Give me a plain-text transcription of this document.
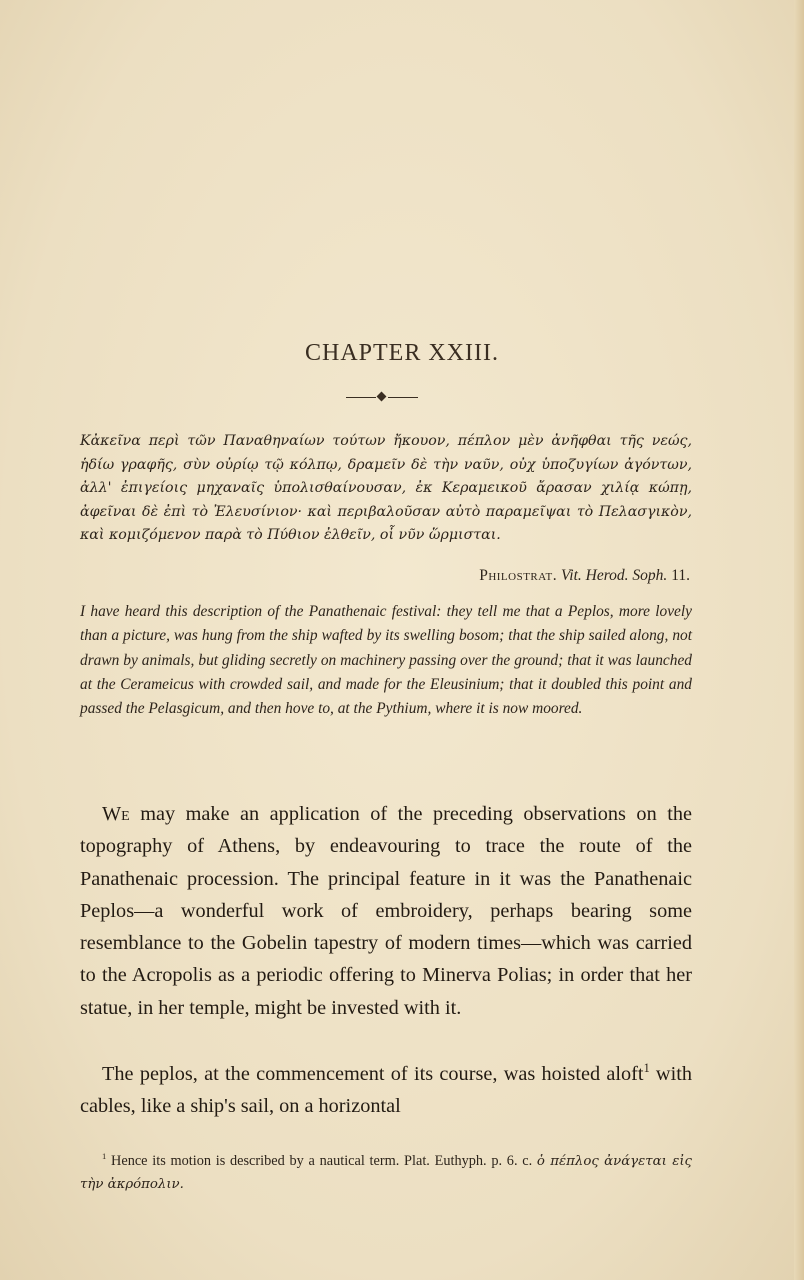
CHAPTER XXIII.
Κἀκεῖνα περὶ τῶν Παναθηναίων τούτων ἤκουον, πέπλον μὲν ἀνῆφθαι τῆς νεώς, ἡδίω γραφῆς, σὺν οὐρίῳ τῷ κόλπῳ, δραμεῖν δὲ τὴν ναῦν, οὐχ ὑποζυγίων ἀγόντων, ἀλλ' ἐπιγείοις μηχαναῖς ὑπολισθαίνουσαν, ἐκ Κεραμεικοῦ ἄρασαν χιλίᾳ κώπῃ, ἀφεῖναι δὲ ἐπὶ τὸ Ἐλευσίνιον· καὶ περιβαλοῦσαν αὐτὸ παραμεῖψαι τὸ Πελασγικὸν, καὶ κομιζόμενον παρὰ τὸ Πύθιον ἐλθεῖν, οἷ νῦν ὥρμισται.
Philostrat. Vit. Herod. Soph. 11.
I have heard this description of the Panathenaic festival: they tell me that a Peplos, more lovely than a picture, was hung from the ship wafted by its swelling bosom; that the ship sailed along, not drawn by animals, but gliding secretly on machinery passing over the ground; that it was launched at the Cerameicus with crowded sail, and made for the Eleusinium; that it doubled this point and passed the Pelasgicum, and then hove to, at the Pythium, where it is now moored.

We may make an application of the preceding observations on the topography of Athens, by endeavouring to trace the route of the Panathenaic procession. The principal feature in it was the Panathenaic Peplos—a wonderful work of embroidery, perhaps bearing some resemblance to the Gobelin tapestry of modern times—which was carried to the Acropolis as a periodic offering to Minerva Polias; in order that her statue, in her temple, might be invested with it.

The peplos, at the commencement of its course, was hoisted aloft$^1$ with cables, like a ship's sail, on a horizontal

$^1$ Hence its motion is described by a nautical term. Plat. Euthyph. p. 6. c. ὁ πέπλος ἀνάγεται εἰς τὴν ἀκρόπολιν.
